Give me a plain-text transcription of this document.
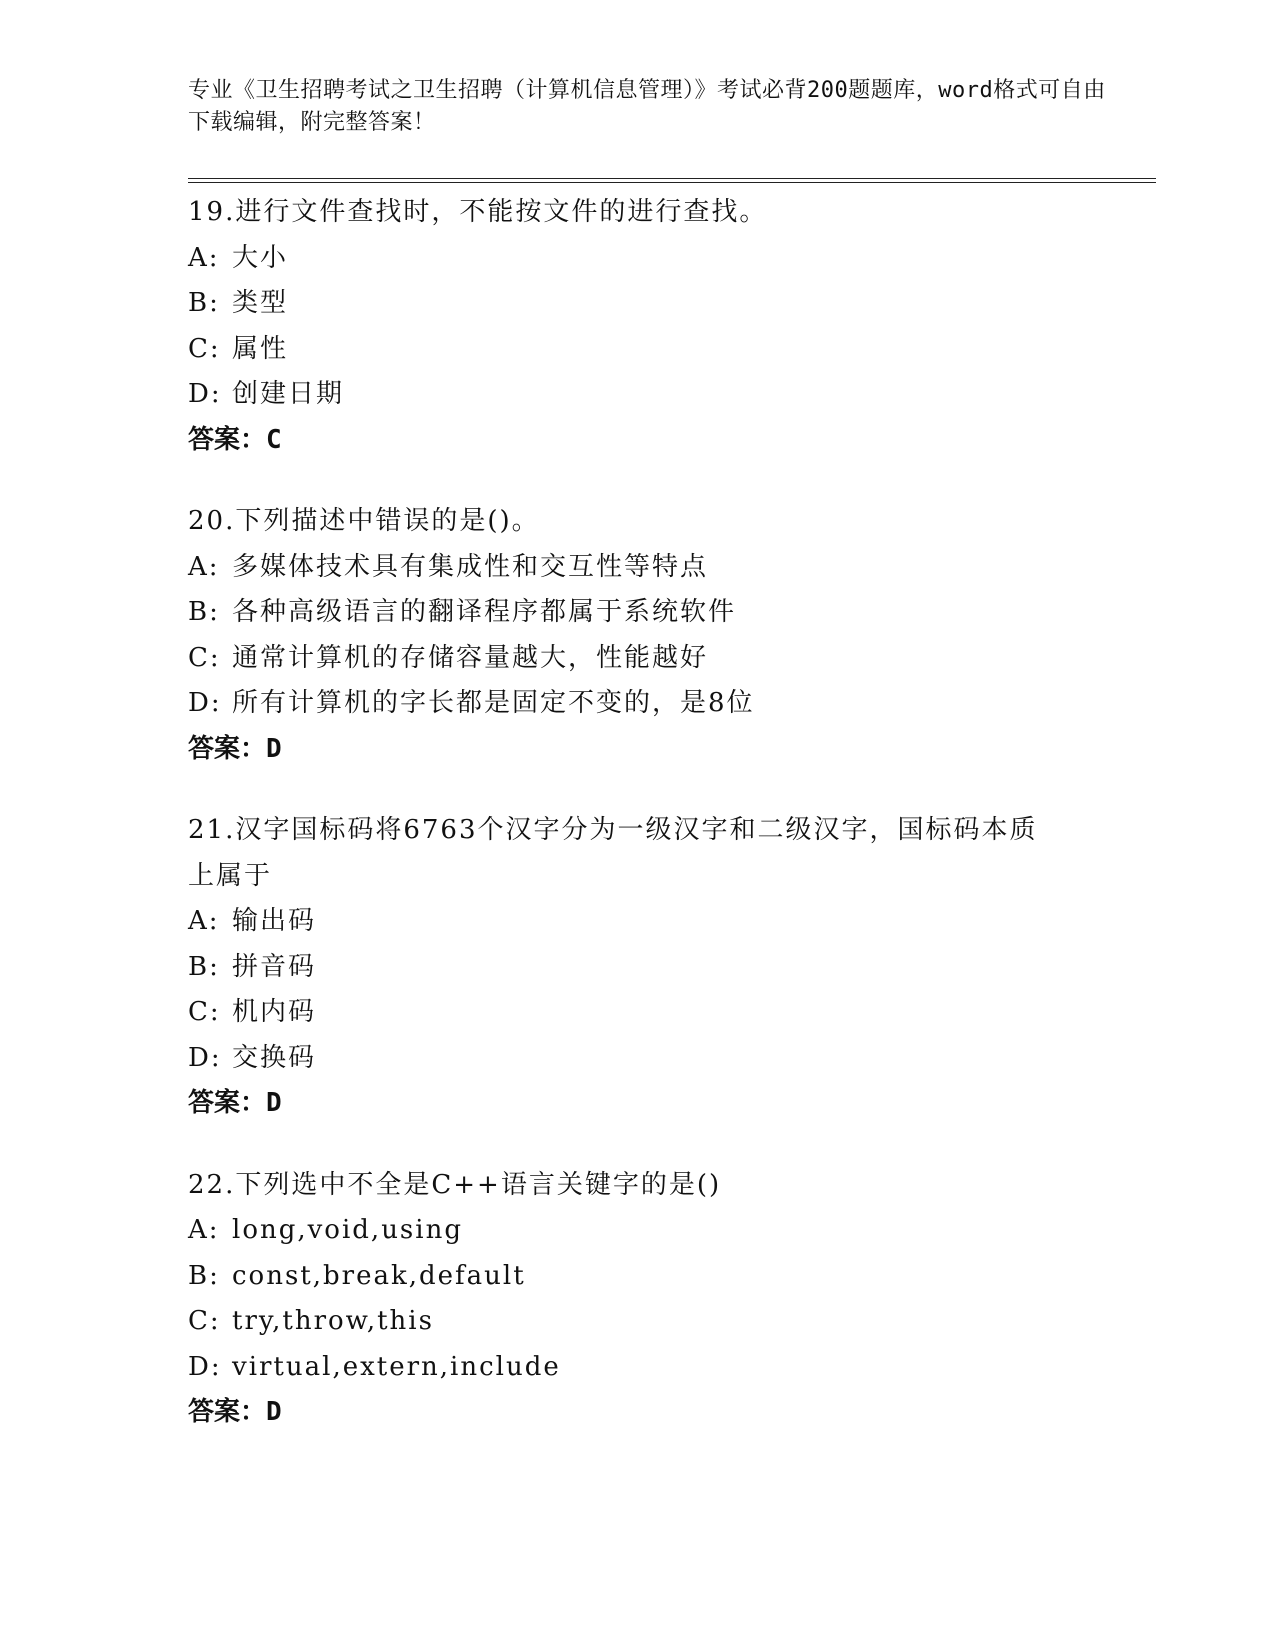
专业《卫生招聘考试之卫生招聘（计算机信息管理）》考试必背200题题库，word格式可自由下载编辑，附完整答案！
19.进行文件查找时，不能按文件的进行查找。
A: 大小
B: 类型
C: 属性
D: 创建日期
答案：C
20.下列描述中错误的是()。
A: 多媒体技术具有集成性和交互性等特点
B: 各种高级语言的翻译程序都属于系统软件
C: 通常计算机的存储容量越大，性能越好
D: 所有计算机的字长都是固定不变的，是8位
答案：D
21.汉字国标码将6763个汉字分为一级汉字和二级汉字，国标码本质上属于
A: 输出码
B: 拼音码
C: 机内码
D: 交换码
答案：D
22.下列选中不全是C++语言关键字的是()
A: long,void,using
B: const,break,default
C: try,throw,this
D: virtual,extern,include
答案：D
